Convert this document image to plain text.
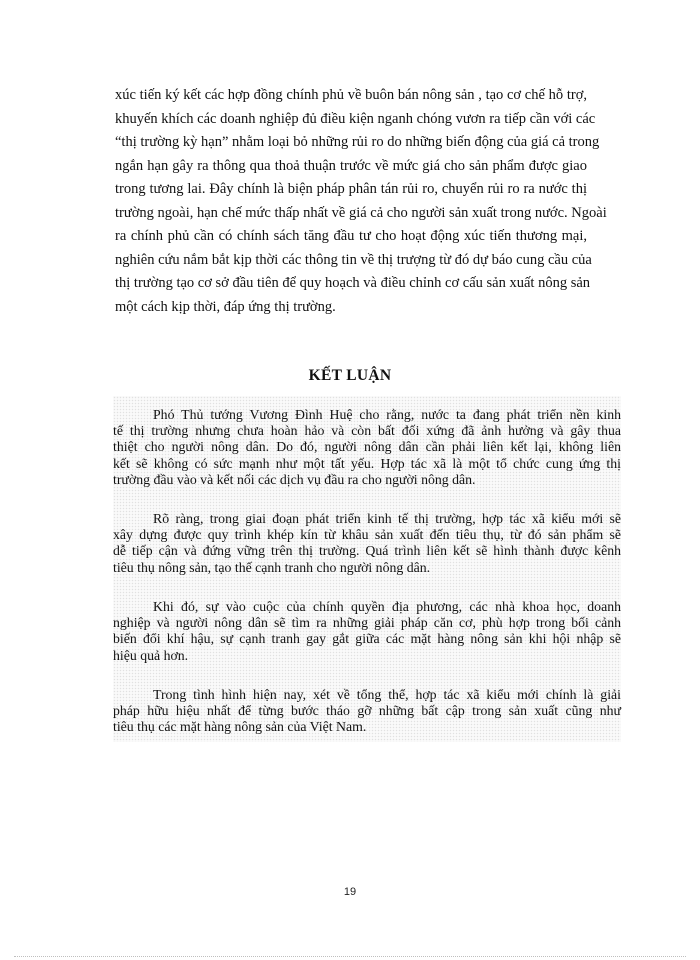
xúc tiến ký kết các hợp đồng chính phủ về buôn bán nông sản , tạo cơ chế hỗ trợ,
khuyến khích các doanh nghiệp đủ điều kiện nganh chóng vươn ra tiếp cần với các
“thị trường kỳ hạn” nhằm loại bỏ những rủi ro do những biến động của giá cả trong
ngắn hạn gây ra thông qua thoả thuận trước về mức giá cho sản phẩm được giao
trong tương lai. Đây chính là biện pháp phân tán rủi ro, chuyển rủi ro ra nước thị
trường ngoài, hạn chế mức thấp nhất về giá cả cho người sản xuất trong nước. Ngoài
ra chính phủ cần có chính sách tăng đầu tư cho hoạt động xúc tiến thương mại,
nghiên cứu nắm bắt kịp thời các thông tin về thị trượng từ đó dự báo cung cầu của
thị trường tạo cơ sở đầu tiên để quy hoạch và điều chỉnh cơ cấu sản xuất nông sản
một cách kịp thời, đáp ứng thị trường.
KẾT LUẬN
Phó Thủ tướng Vương Đình Huệ cho rằng, nước ta đang phát triển nền kinh
tế thị trường nhưng chưa hoàn hảo và còn bất đối xứng đã ảnh hưởng và gây thua
thiệt cho người nông dân. Do đó, người nông dân cần phải liên kết lại, không liên
kết sẽ không có sức mạnh như một tất yếu. Hợp tác xã là một tổ chức cung ứng thị
trường đầu vào và kết nối các dịch vụ đầu ra cho người nông dân.
Rõ ràng, trong giai đoạn phát triển kinh tế thị trường, hợp tác xã kiểu mới sẽ
xây dựng được quy trình khép kín từ khâu sản xuất đến tiêu thụ, từ đó sản phẩm sẽ
dễ tiếp cận và đứng vững trên thị trường. Quá trình liên kết sẽ hình thành được kênh
tiêu thụ nông sản, tạo thế cạnh tranh cho người nông dân.
Khi đó, sự vào cuộc của chính quyền địa phương, các nhà khoa học, doanh
nghiệp và người nông dân sẽ tìm ra những giải pháp căn cơ, phù hợp trong bối cảnh
biến đổi khí hậu, sự cạnh tranh gay gắt giữa các mặt hàng nông sản khi hội nhập sẽ
hiệu quả hơn.
Trong tình hình hiện nay, xét về tổng thể, hợp tác xã kiểu mới chính là giải
pháp hữu hiệu nhất để từng bước tháo gỡ những bất cập trong sản xuất cũng như
tiêu thụ các mặt hàng nông sản của Việt Nam.
19
